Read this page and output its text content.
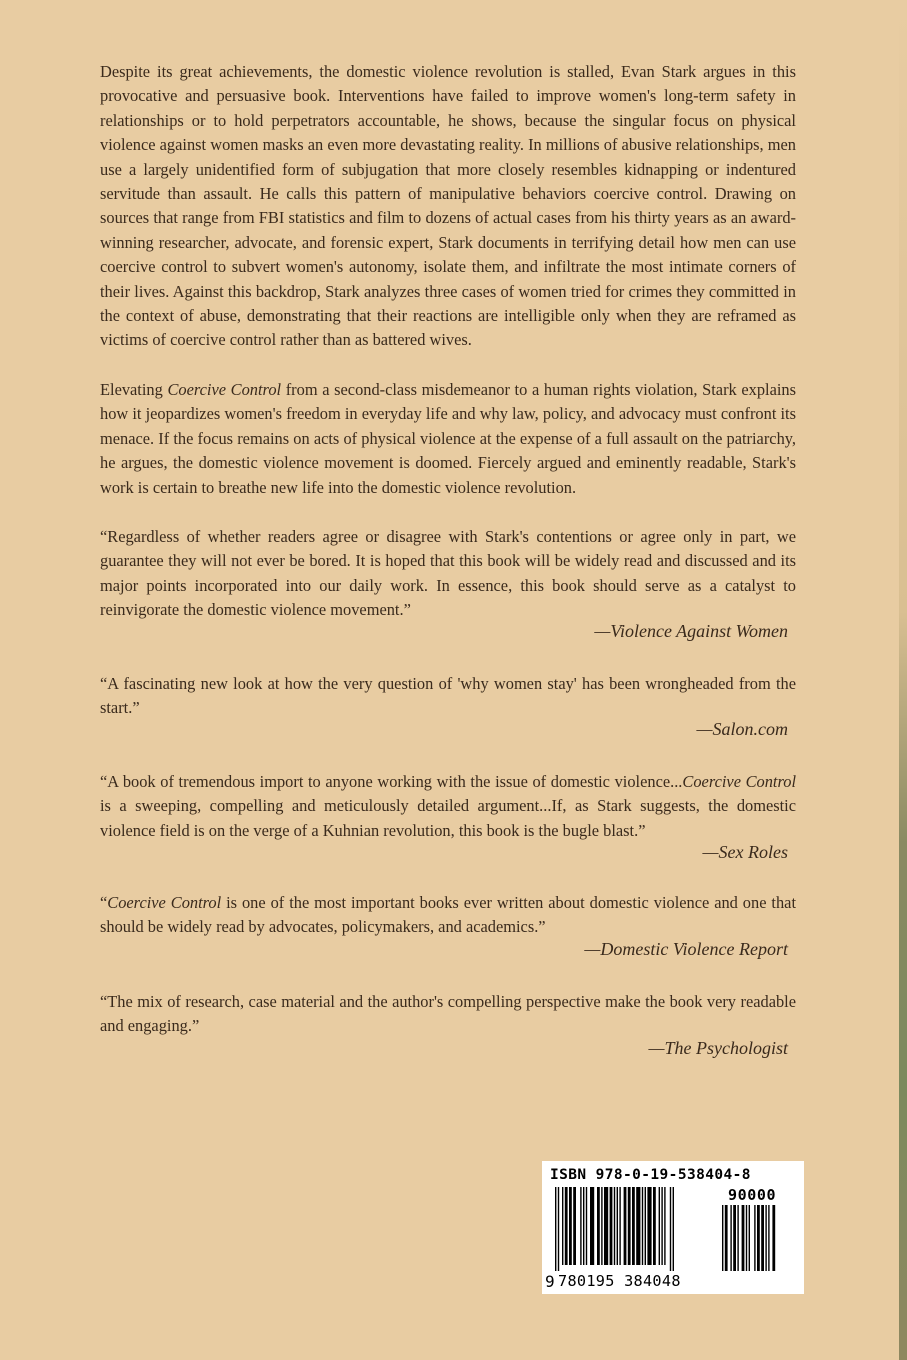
Despite its great achievements, the domestic violence revolution is stalled, Evan Stark argues in this provocative and persuasive book. Interventions have failed to improve women's long-term safety in relationships or to hold perpetrators accountable, he shows, because the singular focus on physical violence against women masks an even more devastating reality. In millions of abusive relationships, men use a largely unidentified form of subjugation that more closely resembles kidnapping or indentured servitude than assault. He calls this pattern of manipulative behaviors coercive control. Drawing on sources that range from FBI statistics and film to dozens of actual cases from his thirty years as an award-winning researcher, advocate, and forensic expert, Stark documents in terrifying detail how men can use coercive control to subvert women's autonomy, isolate them, and infiltrate the most intimate corners of their lives. Against this backdrop, Stark analyzes three cases of women tried for crimes they committed in the context of abuse, demonstrating that their reactions are intelligible only when they are reframed as victims of coercive control rather than as battered wives.

Elevating Coercive Control from a second-class misdemeanor to a human rights violation, Stark explains how it jeopardizes women's freedom in everyday life and why law, policy, and advocacy must confront its menace. If the focus remains on acts of physical violence at the expense of a full assault on the patriarchy, he argues, the domestic violence movement is doomed. Fiercely argued and eminently readable, Stark's work is certain to breathe new life into the domestic violence revolution.

“Regardless of whether readers agree or disagree with Stark's contentions or agree only in part, we guarantee they will not ever be bored. It is hoped that this book will be widely read and discussed and its major points incorporated into our daily work. In essence, this book should serve as a catalyst to reinvigorate the domestic violence movement.”

—Violence Against Women

“A fascinating new look at how the very question of 'why women stay' has been wrongheaded from the start.”

—Salon.com

“A book of tremendous import to anyone working with the issue of domestic violence...Coercive Control is a sweeping, compelling and meticulously detailed argument...If, as Stark suggests, the domestic violence field is on the verge of a Kuhnian revolution, this book is the bugle blast.”

—Sex Roles

“Coercive Control is one of the most important books ever written about domestic violence and one that should be widely read by advocates, policymakers, and academics.”

—Domestic Violence Report

“The mix of research, case material and the author's compelling perspective make the book very readable and engaging.”

—The Psychologist
ISBN 978-0-19-538404-8
90000
9 780195 384048
